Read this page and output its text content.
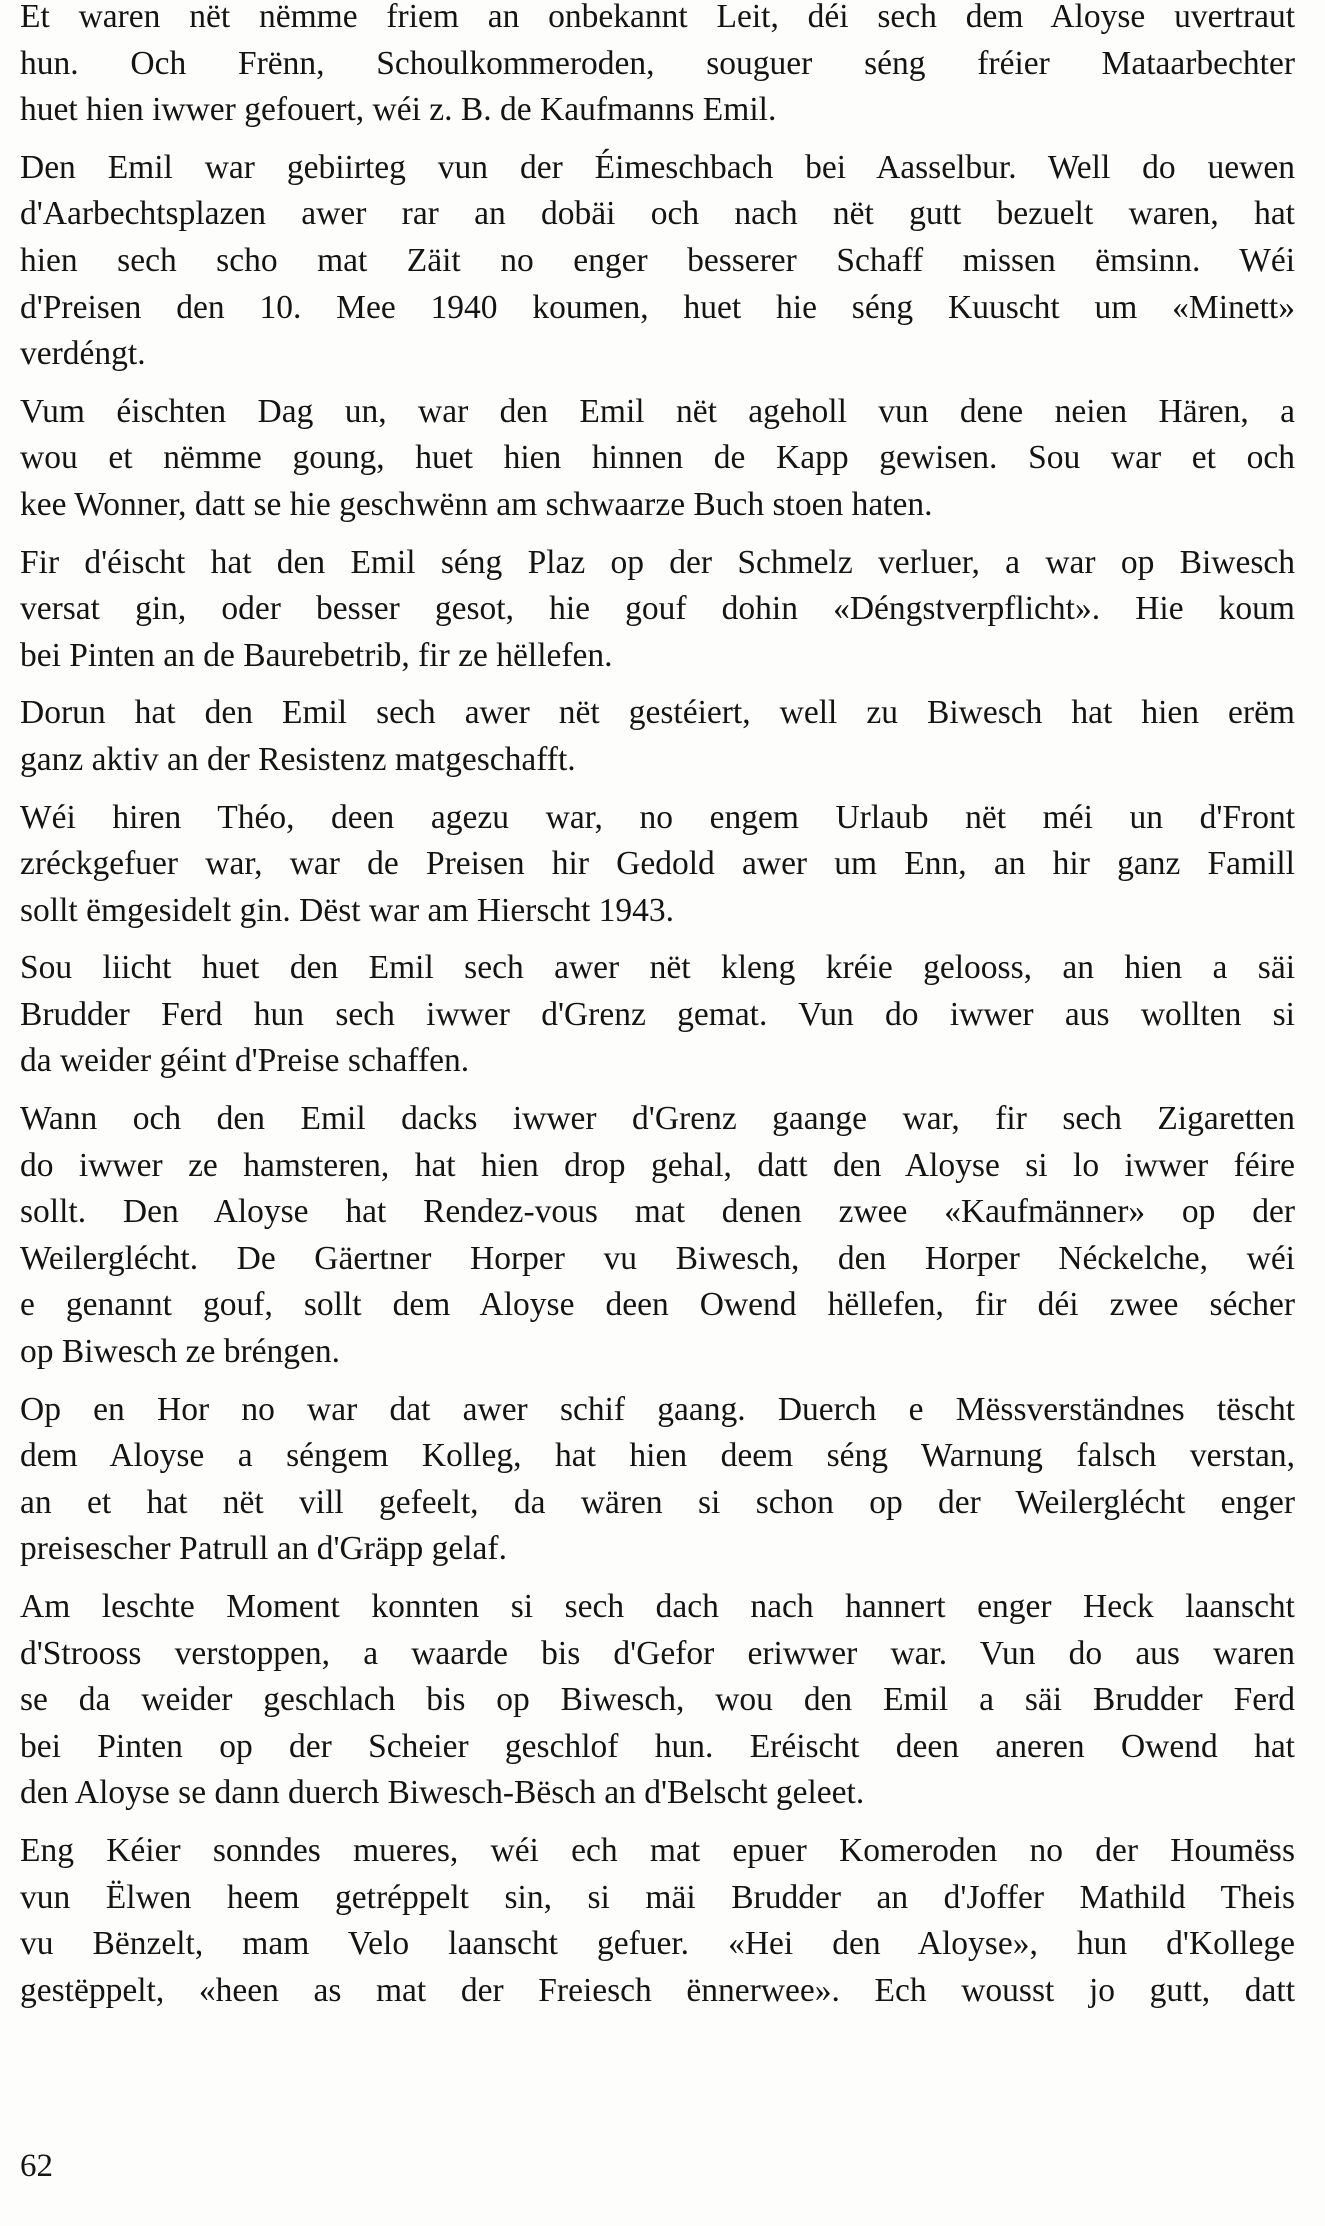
Et waren nët nëmme friem an onbekannt Leit, déi sech dem Aloyse uvertraut
hun. Och Frënn, Schoulkommeroden, souguer séng fréier Mataarbechter
huet hien iwwer gefouert, wéi z. B. de Kaufmanns Emil.

Den Emil war gebiirteg vun der Éimeschbach bei Aasselbur. Well do uewen
d'Aarbechtsplazen awer rar an dobäi och nach nët gutt bezuelt waren, hat
hien sech scho mat Zäit no enger besserer Schaff missen ëmsinn. Wéi
d'Preisen den 10. Mee 1940 koumen, huet hie séng Kuuscht um «Minett»
verdéngt.

Vum éischten Dag un, war den Emil nët ageholl vun dene neien Hären, a
wou et nëmme goung, huet hien hinnen de Kapp gewisen. Sou war et och
kee Wonner, datt se hie geschwënn am schwaarze Buch stoen haten.

Fir d'éischt hat den Emil séng Plaz op der Schmelz verluer, a war op Biwesch
versat gin, oder besser gesot, hie gouf dohin «Déngstverpflicht». Hie koum
bei Pinten an de Baurebetrib, fir ze hëllefen.

Dorun hat den Emil sech awer nët gestéiert, well zu Biwesch hat hien erëm
ganz aktiv an der Resistenz matgeschafft.

Wéi hiren Théo, deen agezu war, no engem Urlaub nët méi un d'Front
zréckgefuer war, war de Preisen hir Gedold awer um Enn, an hir ganz Famill
sollt ëmgesidelt gin. Dëst war am Hierscht 1943.

Sou liicht huet den Emil sech awer nët kleng kréie gelooss, an hien a säi
Brudder Ferd hun sech iwwer d'Grenz gemat. Vun do iwwer aus wollten si
da weider géint d'Preise schaffen.

Wann och den Emil dacks iwwer d'Grenz gaange war, fir sech Zigaretten
do iwwer ze hamsteren, hat hien drop gehal, datt den Aloyse si lo iwwer féire
sollt. Den Aloyse hat Rendez-vous mat denen zwee «Kaufmänner» op der
Weilerglécht. De Gäertner Horper vu Biwesch, den Horper Néckelche, wéi
e genannt gouf, sollt dem Aloyse deen Owend hëllefen, fir déi zwee sécher
op Biwesch ze bréngen.

Op en Hor no war dat awer schif gaang. Duerch e Mëssverständnes tëscht
dem Aloyse a séngem Kolleg, hat hien deem séng Warnung falsch verstan,
an et hat nët vill gefeelt, da wären si schon op der Weilerglécht enger
preisescher Patrull an d'Gräpp gelaf.

Am leschte Moment konnten si sech dach nach hannert enger Heck laanscht
d'Strooss verstoppen, a waarde bis d'Gefor eriwwer war. Vun do aus waren
se da weider geschlach bis op Biwesch, wou den Emil a säi Brudder Ferd
bei Pinten op der Scheier geschlof hun. Eréischt deen aneren Owend hat
den Aloyse se dann duerch Biwesch-Bësch an d'Belscht geleet.

Eng Kéier sonndes mueres, wéi ech mat epuer Komeroden no der Houmëss
vun Ëlwen heem getréppelt sin, si mäi Brudder an d'Joffer Mathild Theis
vu Bënzelt, mam Velo laanscht gefuer. «Hei den Aloyse», hun d'Kollege
gestëppelt, «heen as mat der Freiesch ënnerwee». Ech wousst jo gutt, datt

62
